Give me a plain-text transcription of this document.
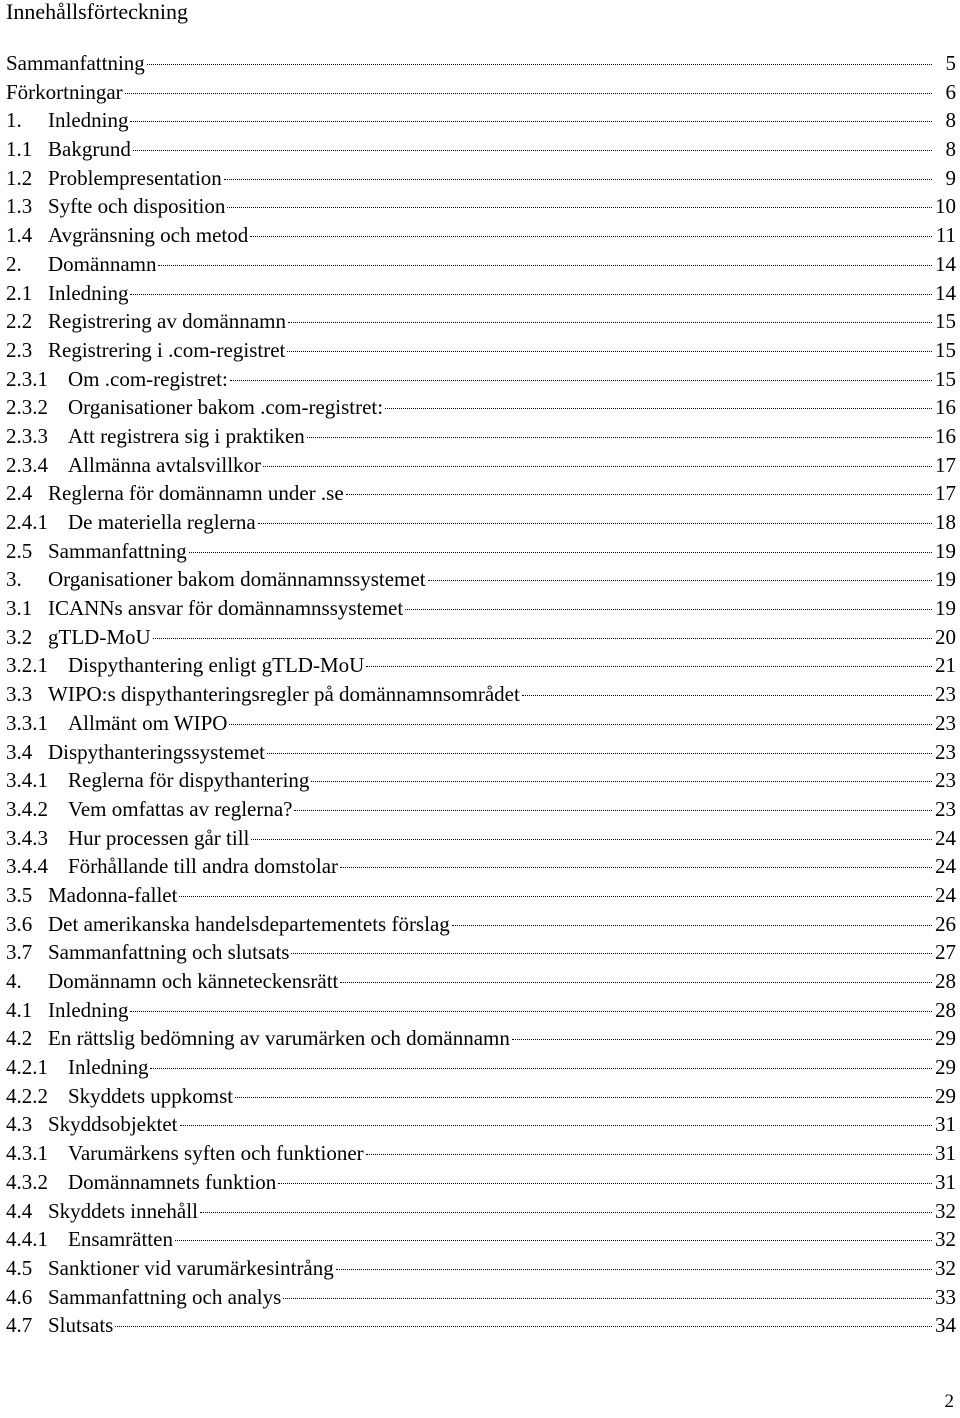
Innehållsförteckning
Sammanfattning	5
Förkortningar	6
1.	Inledning	8
1.1 Bakgrund	8
1.2 Problempresentation	9
1.3 Syfte och disposition	10
1.4 Avgränsning och metod	11
2.	Domännamn	14
2.1 Inledning	14
2.2 Registrering av domännamn	15
2.3 Registrering i .com-registret	15
2.3.1 Om .com-registret:	15
2.3.2 Organisationer bakom .com-registret:	16
2.3.3 Att registrera sig i praktiken	16
2.3.4 Allmänna avtalsvillkor	17
2.4 Reglerna för domännamn under .se	17
2.4.1 De materiella reglerna	18
2.5 Sammanfattning	19
3.	Organisationer bakom domännamnssystemet	19
3.1 ICANNs ansvar för domännamnssystemet	19
3.2 gTLD-MoU	20
3.2.1 Dispythantering enligt gTLD-MoU	21
3.3 WIPO:s dispythanteringsregler på domännamnsområdet	23
3.3.1 Allmänt om WIPO	23
3.4 Dispythanteringssystemet	23
3.4.1 Reglerna för dispythantering	23
3.4.2 Vem omfattas av reglerna?	23
3.4.3 Hur processen går till	24
3.4.4 Förhållande till andra domstolar	24
3.5 Madonna-fallet	24
3.6 Det amerikanska handelsdepartementets förslag	26
3.7 Sammanfattning och slutsats	27
4.	Domännamn och känneteckensrätt	28
4.1 Inledning	28
4.2 En rättslig bedömning av varumärken och domännamn	29
4.2.1 Inledning	29
4.2.2 Skyddets uppkomst	29
4.3 Skyddsobjektet	31
4.3.1 Varumärkens syften och funktioner	31
4.3.2 Domännamnets funktion	31
4.4 Skyddets innehåll	32
4.4.1 Ensamrätten	32
4.5 Sanktioner vid varumärkesintrång	32
4.6 Sammanfattning och analys	33
4.7 Slutsats	34
2
